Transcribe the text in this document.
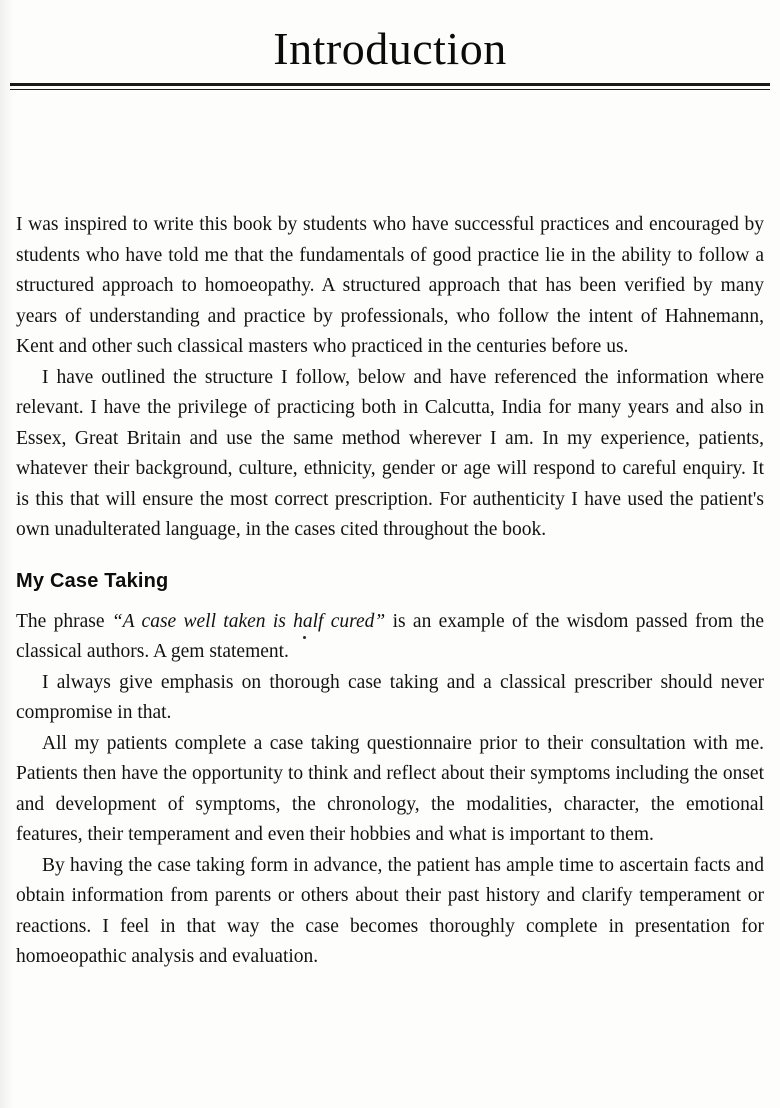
Introduction

I was inspired to write this book by students who have successful practices and encouraged by students who have told me that the fundamentals of good practice lie in the ability to follow a structured approach to homoeopathy. A structured approach that has been verified by many years of understanding and practice by professionals, who follow the intent of Hahnemann, Kent and other such classical masters who practiced in the centuries before us.

I have outlined the structure I follow, below and have referenced the information where relevant. I have the privilege of practicing both in Calcutta, India for many years and also in Essex, Great Britain and use the same method wherever I am. In my experience, patients, whatever their background, culture, ethnicity, gender or age will respond to careful enquiry. It is this that will ensure the most correct prescription. For authenticity I have used the patient's own unadulterated language, in the cases cited throughout the book.

My Case Taking

The phrase “A case well taken is half cured” is an example of the wisdom passed from the classical authors. A gem statement.

I always give emphasis on thorough case taking and a classical prescriber should never compromise in that.

All my patients complete a case taking questionnaire prior to their consultation with me. Patients then have the opportunity to think and reflect about their symptoms including the onset and development of symptoms, the chronology, the modalities, character, the emotional features, their temperament and even their hobbies and what is important to them.

By having the case taking form in advance, the patient has ample time to ascertain facts and obtain information from parents or others about their past history and clarify temperament or reactions. I feel in that way the case becomes thoroughly complete in presentation for homoeopathic analysis and evaluation.
